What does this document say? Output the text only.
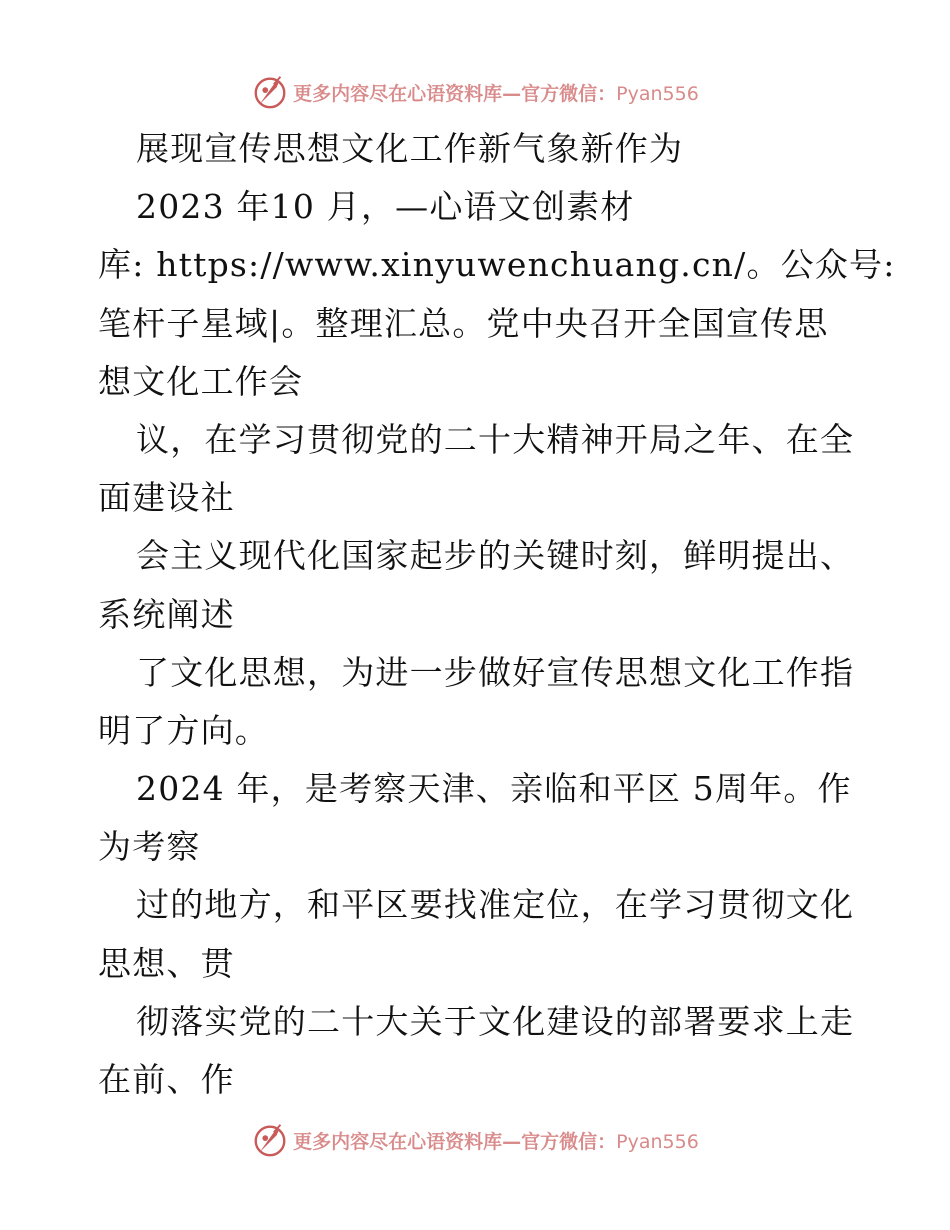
更多内容尽在心语资料库—官方微信：Pyan556
展现宣传思想文化工作新气象新作为
2023 年10 月，—心语文创素材
库: https://www.xinyuwenchuang.cn/。公众号:
笔杆子星域|。整理汇总。党中央召开全国宣传思
想文化工作会
议，在学习贯彻党的二十大精神开局之年、在全
面建设社
会主义现代化国家起步的关键时刻，鲜明提出、
系统阐述
了文化思想，为进一步做好宣传思想文化工作指
明了方向。
2024 年，是考察天津、亲临和平区 5周年。作
为考察
过的地方，和平区要找准定位，在学习贯彻文化
思想、贯
彻落实党的二十大关于文化建设的部署要求上走
在前、作
更多内容尽在心语资料库—官方微信：Pyan556
